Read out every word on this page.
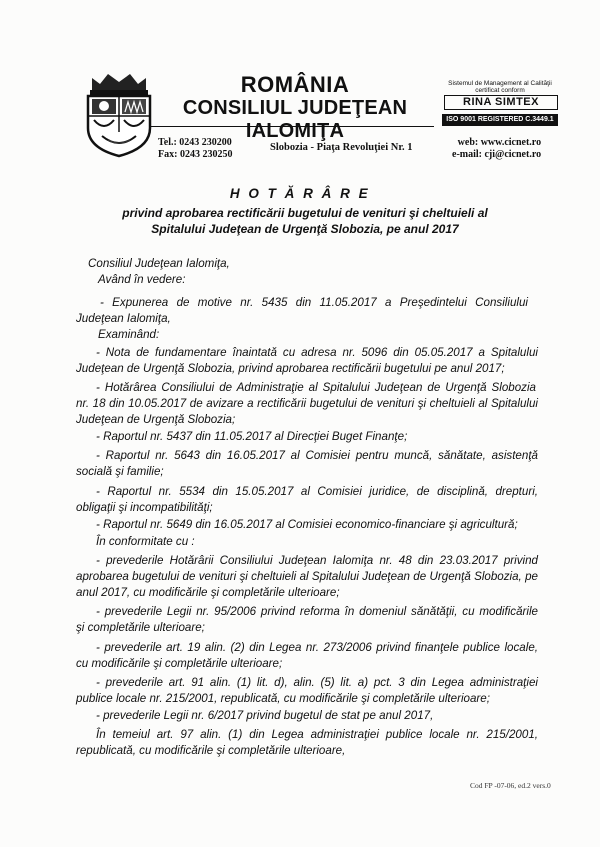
ROMÂNIA
CONSILIUL JUDEŢEAN IALOMIŢA
Sistemul de Management al Calităţii
certificat conform
RINA SIMTEX
ISO 9001 REGISTERED C.3449.1
Tel.: 0243 230200
Fax: 0243 230250
Slobozia - Piaţa Revoluţiei Nr. 1	web: www.cicnet.ro
e-mail: cji@cicnet.ro
H O T Ă R Â R E
privind aprobarea rectificării bugetului de venituri şi cheltuieli al
Spitalului Judeţean de Urgenţă Slobozia, pe anul 2017
Consiliul Judeţean Ialomiţa,
Având în vedere:
- Expunerea de motive nr. 5435 din 11.05.2017 a Preşedintelui Consiliului
Judeţean Ialomiţa,
Examinând:
- Nota de fundamentare înaintată cu adresa nr. 5096 din 05.05.2017 a Spitalului
Judeţean de Urgenţă Slobozia, privind aprobarea rectificării bugetului pe anul 2017;
- Hotărârea Consiliului de Administraţie al Spitalului Judeţean de Urgenţă Slobozia
nr. 18 din 10.05.2017 de avizare a rectificării bugetului de venituri şi cheltuieli al Spitalului
Judeţean de Urgenţă Slobozia;
- Raportul nr. 5437 din 11.05.2017 al Direcţiei Buget Finanţe;
- Raportul nr. 5643 din 16.05.2017 al Comisiei pentru muncă, sănătate, asistenţă
socială şi familie;
- Raportul nr. 5534 din 15.05.2017 al Comisiei juridice, de disciplină, drepturi,
obligaţii şi incompatibilităţi;
- Raportul nr. 5649 din 16.05.2017 al Comisiei economico-financiare şi agricultură;
În conformitate cu :
- prevederile Hotărârii Consiliului Judeţean Ialomiţa nr. 48 din 23.03.2017 privind
aprobarea bugetului de venituri şi cheltuieli al Spitalului Judeţean de Urgenţă Slobozia, pe
anul 2017, cu modificările şi completările ulterioare;
- prevederile Legii nr. 95/2006 privind reforma în domeniul sănătăţii, cu modificările
şi completările ulterioare;
- prevederile art. 19 alin. (2) din Legea nr. 273/2006 privind finanţele publice locale,
cu modificările şi completările ulterioare;
- prevederile art. 91 alin. (1) lit. d), alin. (5) lit. a) pct. 3 din Legea administraţiei
publice locale nr. 215/2001, republicată, cu modificările şi completările ulterioare;
- prevederile Legii nr. 6/2017 privind bugetul de stat pe anul 2017,
În temeiul art. 97 alin. (1) din Legea administraţiei publice locale nr. 215/2001,
republicată, cu modificările şi completările ulterioare,
Cod FP -07-06, ed.2 vers.0
